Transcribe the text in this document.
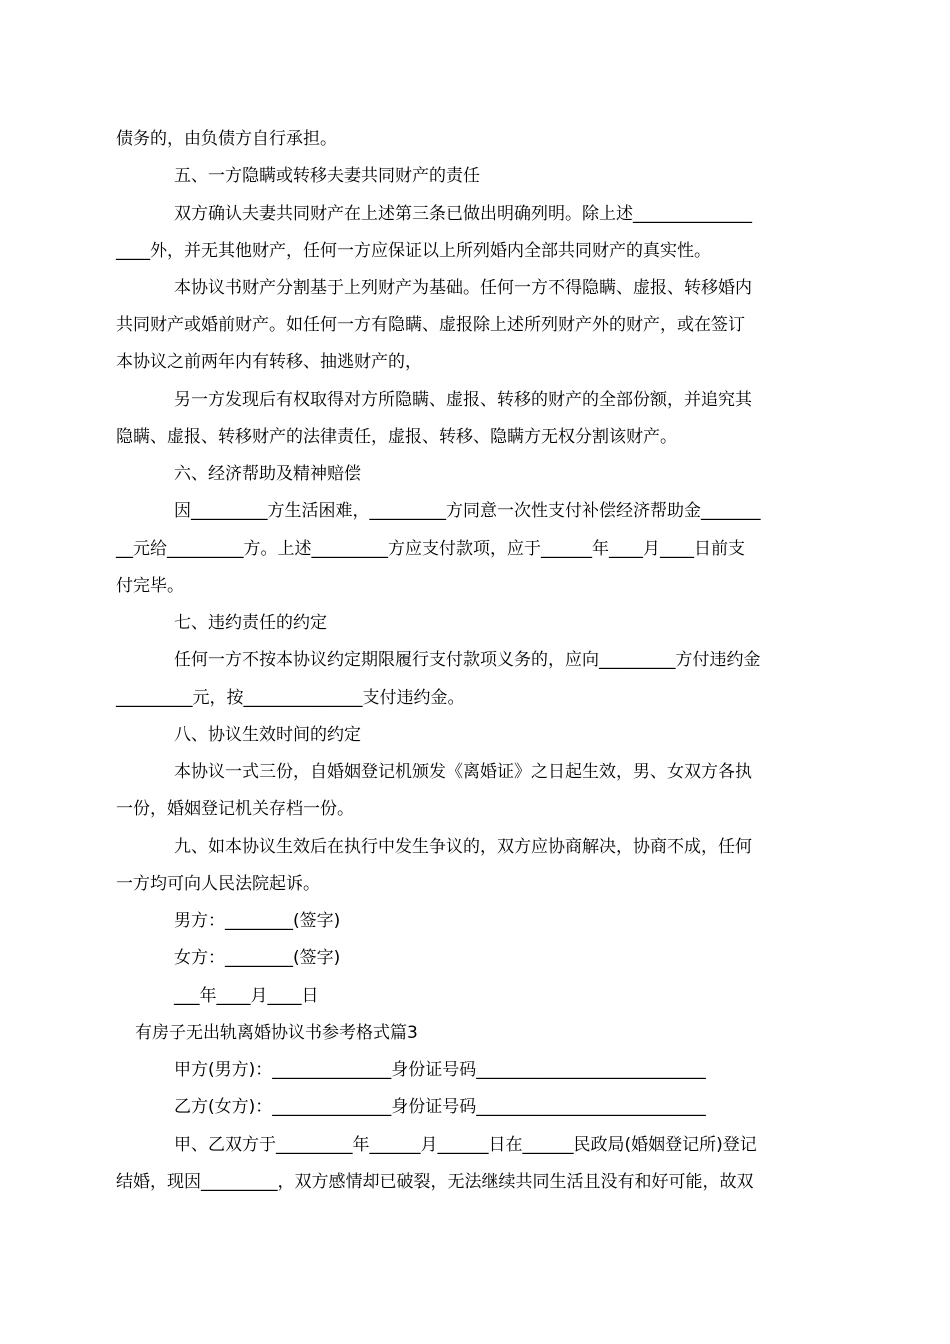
债务的，由负债方自行承担。

五、一方隐瞒或转移夫妻共同财产的责任

双方确认夫妻共同财产在上述第三条已做出明确列明。除上述______________

____外，并无其他财产，任何一方应保证以上所列婚内全部共同财产的真实性。

本协议书财产分割基于上列财产为基础。任何一方不得隐瞒、虚报、转移婚内

共同财产或婚前财产。如任何一方有隐瞒、虚报除上述所列财产外的财产，或在签订

本协议之前两年内有转移、抽逃财产的，

另一方发现后有权取得对方所隐瞒、虚报、转移的财产的全部份额，并追究其

隐瞒、虚报、转移财产的法律责任，虚报、转移、隐瞒方无权分割该财产。

六、经济帮助及精神赔偿

因_________方生活困难，_________方同意一次性支付补偿经济帮助金_______

__元给_________方。上述_________方应支付款项，应于______年____月____日前支

付完毕。

七、违约责任的约定

任何一方不按本协议约定期限履行支付款项义务的，应向_________方付违约金

_________元，按______________支付违约金。

八、协议生效时间的约定

本协议一式三份，自婚姻登记机颁发《离婚证》之日起生效，男、女双方各执

一份，婚姻登记机关存档一份。

九、如本协议生效后在执行中发生争议的，双方应协商解决，协商不成，任何

一方均可向人民法院起诉。

男方：________(签字)

女方：________(签字)

___年____月____日

有房子无出轨离婚协议书参考格式篇3

甲方(男方)：______________身份证号码___________________________

乙方(女方)：______________身份证号码___________________________

甲、乙双方于_________年______月______日在______民政局(婚姻登记所)登记

结婚，现因_________，双方感情却已破裂，无法继续共同生活且没有和好可能，故双
